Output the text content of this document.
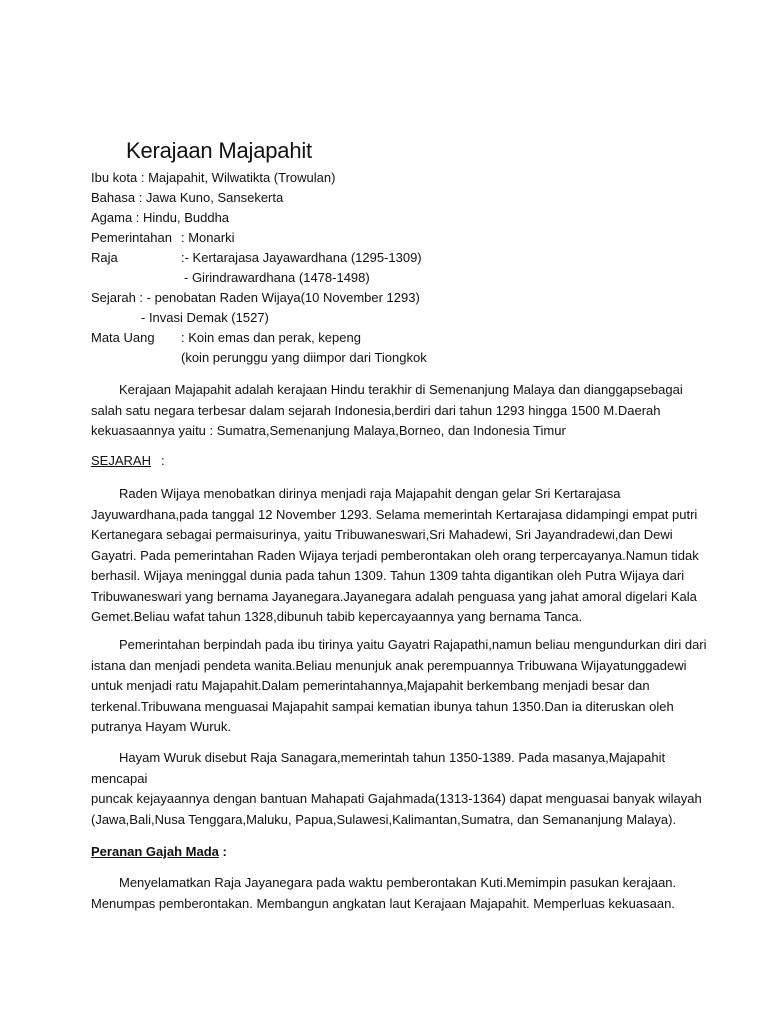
Kerajaan Majapahit
Ibu kota : Majapahit, Wilwatikta (Trowulan)
Bahasa : Jawa Kuno, Sansekerta
Agama : Hindu, Buddha
Pemerintahan : Monarki
Raja	:- Kertarajasa Jayawardhana (1295-1309)
- Girindrawardhana (1478-1498)
Sejarah : - penobatan Raden Wijaya(10 November 1293)
- Invasi Demak (1527)
Mata Uang : Koin emas dan perak, kepeng
(koin perunggu yang diimpor dari Tiongkok

Kerajaan Majapahit adalah kerajaan Hindu terakhir di Semenanjung Malaya dan dianggapsebagai
salah satu negara terbesar dalam sejarah Indonesia,berdiri dari tahun 1293 hingga 1500 M.Daerah
kekuasaannya yaitu : Sumatra,Semenanjung Malaya,Borneo, dan Indonesia Timur

SEJARAH :

Raden Wijaya menobatkan dirinya menjadi raja Majapahit dengan gelar Sri Kertarajasa
Jayuwardhana,pada tanggal 12 November 1293. Selama memerintah Kertarajasa didampingi empat putri
Kertanegara sebagai permaisurinya, yaitu Tribuwaneswari,Sri Mahadewi, Sri Jayandradewi,dan Dewi
Gayatri. Pada pemerintahan Raden Wijaya terjadi pemberontakan oleh orang terpercayanya.Namun tidak
berhasil. Wijaya meninggal dunia pada tahun 1309. Tahun 1309 tahta digantikan oleh Putra Wijaya dari
Tribuwaneswari yang bernama Jayanegara.Jayanegara adalah penguasa yang jahat amoral digelari Kala
Gemet.Beliau wafat tahun 1328,dibunuh tabib kepercayaannya yang bernama Tanca.

Pemerintahan berpindah pada ibu tirinya yaitu Gayatri Rajapathi,namun beliau mengundurkan diri dari
istana dan menjadi pendeta wanita.Beliau menunjuk anak perempuannya Tribuwana Wijayatunggadewi
untuk menjadi ratu Majapahit.Dalam pemerintahannya,Majapahit berkembang menjadi besar dan
terkenal.Tribuwana menguasai Majapahit sampai kematian ibunya tahun 1350.Dan ia diteruskan oleh
putranya Hayam Wuruk.

Hayam Wuruk disebut Raja Sanagara,memerintah tahun 1350-1389. Pada masanya,Majapahit
mencapai
puncak kejayaannya dengan bantuan Mahapati Gajahmada(1313-1364) dapat menguasai banyak wilayah
(Jawa,Bali,Nusa Tenggara,Maluku, Papua,Sulawesi,Kalimantan,Sumatra, dan Semananjung Malaya).

Peranan Gajah Mada :

Menyelamatkan Raja Jayanegara pada waktu pemberontakan Kuti.Memimpin pasukan kerajaan.
Menumpas pemberontakan. Membangun angkatan laut Kerajaan Majapahit. Memperluas kekuasaan.
